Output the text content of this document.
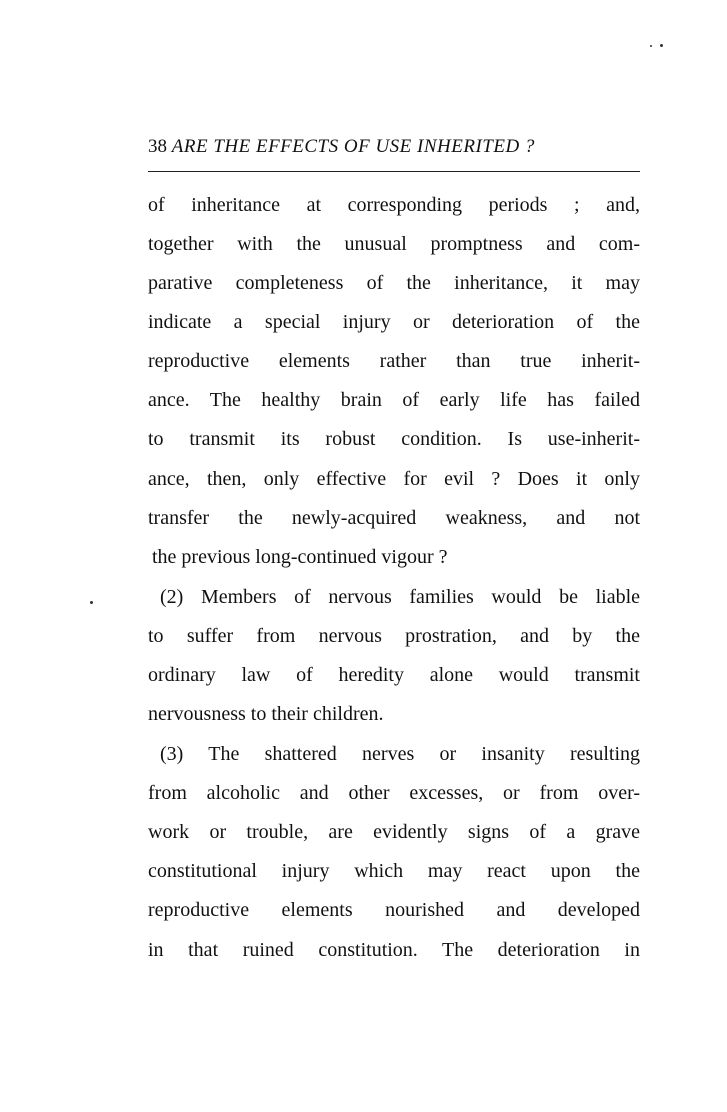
38 ARE THE EFFECTS OF USE INHERITED ?
of inheritance at corresponding periods ; and,
together with the unusual promptness and com-
parative completeness of the inheritance, it may
indicate a special injury or deterioration of the
reproductive elements rather than true inherit-
ance. The healthy brain of early life has failed
to transmit its robust condition. Is use-inherit-
ance, then, only effective for evil ? Does it only
transfer the newly-acquired weakness, and not
the previous long-continued vigour ?
(2) Members of nervous families would be liable
to suffer from nervous prostration, and by the
ordinary law of heredity alone would transmit
nervousness to their children.
(3) The shattered nerves or insanity resulting
from alcoholic and other excesses, or from over-
work or trouble, are evidently signs of a grave
constitutional injury which may react upon the
reproductive elements nourished and developed
in that ruined constitution. The deterioration in
